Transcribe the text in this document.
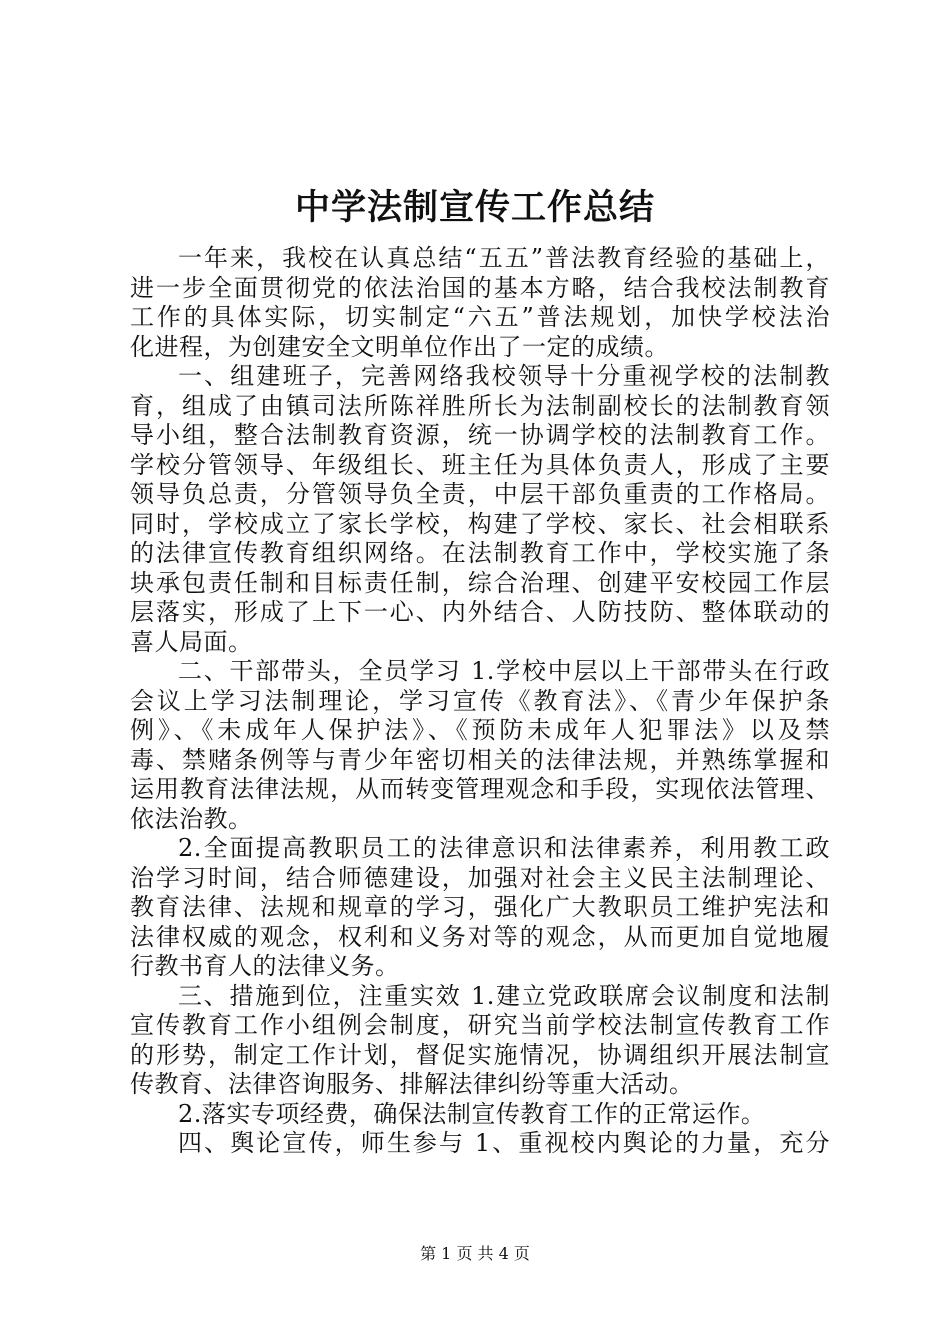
中学法制宣传工作总结
一年来，我校在认真总结“五五”普法教育经验的基础上，
进一步全面贯彻党的依法治国的基本方略，结合我校法制教育
工作的具体实际，切实制定“六五”普法规划，加快学校法治
化进程，为创建安全文明单位作出了一定的成绩。
一、组建班子，完善网络我校领导十分重视学校的法制教
育，组成了由镇司法所陈祥胜所长为法制副校长的法制教育领
导小组，整合法制教育资源，统一协调学校的法制教育工作。
学校分管领导、年级组长、班主任为具体负责人，形成了主要
领导负总责，分管领导负全责，中层干部负重责的工作格局。
同时，学校成立了家长学校，构建了学校、家长、社会相联系
的法律宣传教育组织网络。在法制教育工作中，学校实施了条
块承包责任制和目标责任制，综合治理、创建平安校园工作层
层落实，形成了上下一心、内外结合、人防技防、整体联动的
喜人局面。
二、干部带头，全员学习 1.学校中层以上干部带头在行政
会议上学习法制理论，学习宣传《教育法》、《青少年保护条
例》、《未成年人保护法》、《预防未成年人犯罪法》以及禁
毒、禁赌条例等与青少年密切相关的法律法规，并熟练掌握和
运用教育法律法规，从而转变管理观念和手段，实现依法管理、
依法治教。
2.全面提高教职员工的法律意识和法律素养，利用教工政
治学习时间，结合师德建设，加强对社会主义民主法制理论、
教育法律、法规和规章的学习，强化广大教职员工维护宪法和
法律权威的观念，权利和义务对等的观念，从而更加自觉地履
行教书育人的法律义务。
三、措施到位，注重实效 1.建立党政联席会议制度和法制
宣传教育工作小组例会制度，研究当前学校法制宣传教育工作
的形势，制定工作计划，督促实施情况，协调组织开展法制宣
传教育、法律咨询服务、排解法律纠纷等重大活动。
2.落实专项经费，确保法制宣传教育工作的正常运作。
四、舆论宣传，师生参与 1、重视校内舆论的力量，充分
第 1 页 共 4 页
